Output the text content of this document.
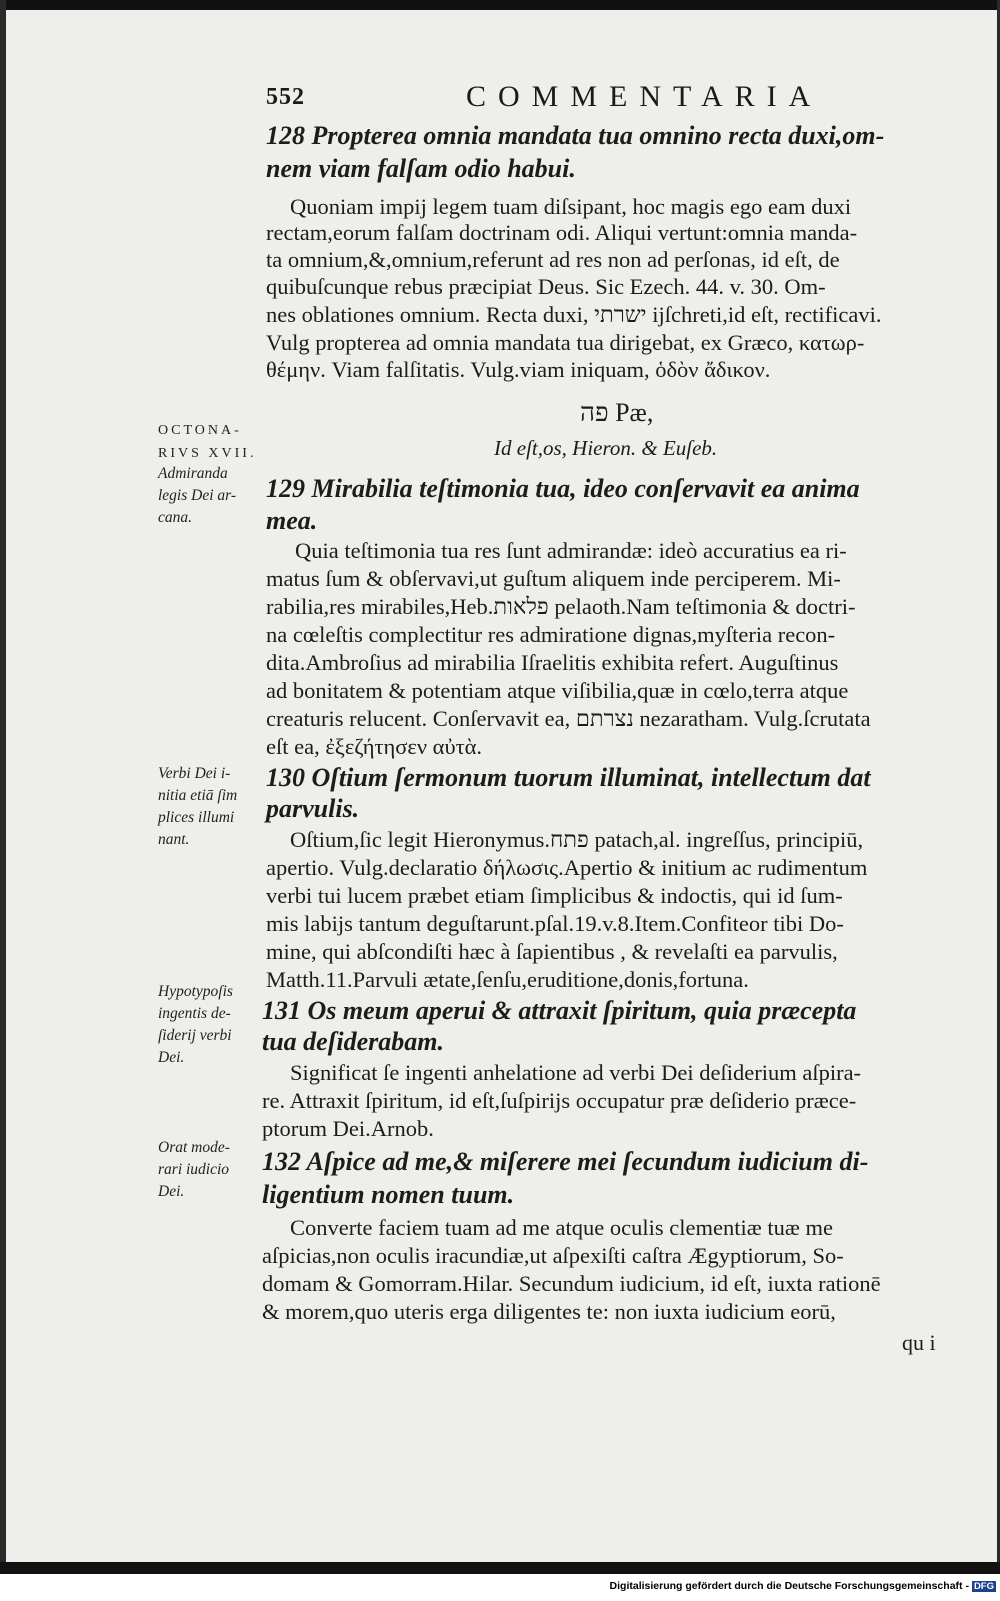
552	COMMENTARIA
128 Propterea omnia mandata tua omnino recta duxi,om-
nem viam falſam odio habui.
Quoniam impij legem tuam diſsipant, hoc magis ego eam duxi
rectam,eorum falſam doctrinam odi. Aliqui vertunt:omnia manda-
ta omnium,&,omnium,referunt ad res non ad perſonas, id eſt, de
quibuſcunque rebus præcipiat Deus. Sic Ezech. 44. v. 30. Om-
nes oblationes omnium. Recta duxi, ישרתי ijſchreti,id eſt, rectificavi.
Vulg propterea ad omnia mandata tua dirigebat, ex Græco, κατωρ-
θέμην. Viam falſitatis. Vulg.viam iniquam, ὁδὸν ἄδικον.
פה Pæ,
Id eſt,os, Hieron. & Euſeb.
129 Mirabilia teſtimonia tua, ideo conſervavit ea anima
mea.
Quia teſtimonia tua res ſunt admirandæ: ideò accuratius ea ri-
matus ſum & obſervavi,ut guſtum aliquem inde perciperem. Mi-
rabilia,res mirabiles,Heb.פלאות pelaoth.Nam teſtimonia & doctri-
na cœleſtis complectitur res admiratione dignas,myſteria recon-
dita.Ambroſius ad mirabilia Iſraelitis exhibita refert. Auguſtinus
ad bonitatem & potentiam atque viſibilia,quæ in cœlo,terra atque
creaturis relucent. Conſervavit ea, נצרתם nezaratham. Vulg.ſcrutata
eſt ea, ἐξεζήτησεν αὐτὰ.
130 Oſtium ſermonum tuorum illuminat, intellectum dat
parvulis.
Oſtium,ſic legit Hieronymus.פתח patach,al. ingreſſus, principiū,
apertio. Vulg.declaratio δήλωσις.Apertio & initium ac rudimentum
verbi tui lucem præbet etiam ſimplicibus & indoctis, qui id ſum-
mis labijs tantum deguſtarunt.pſal.19.v.8.Item.Confiteor tibi Do-
mine, qui abſcondiſti hæc à ſapientibus , & revelaſti ea parvulis,
Matth.11.Parvuli ætate,ſenſu,eruditione,donis,fortuna.
131 Os meum aperui & attraxit ſpiritum, quia præcepta
tua deſiderabam.
Significat ſe ingenti anhelatione ad verbi Dei deſiderium aſpira-
re. Attraxit ſpiritum, id eſt,ſuſpirijs occupatur præ deſiderio præce-
ptorum Dei.Arnob.
132 Aſpice ad me,& miſerere mei ſecundum iudicium di-
ligentium nomen tuum.
Converte faciem tuam ad me atque oculis clementiæ tuæ me
aſpicias,non oculis iracundiæ,ut aſpexiſti caſtra Ægyptiorum, So-
domam & Gomorram.Hilar. Secundum iudicium, id eſt, iuxta rationē
& morem,quo uteris erga diligentes te: non iuxta iudicium eorū,
qu i
OCTONA-
RIVS XVII.
Admiranda
legis Dei ar-
cana.
Verbi Dei i-
nitia etiā ſim
plices illumi
nant.
Hypotypoſis
ingentis de-
ſiderij verbi
Dei.
Orat mode-
rari iudicio
Dei.
Digitalisierung gefördert durch die Deutsche Forschungsgemeinschaft - DFG
